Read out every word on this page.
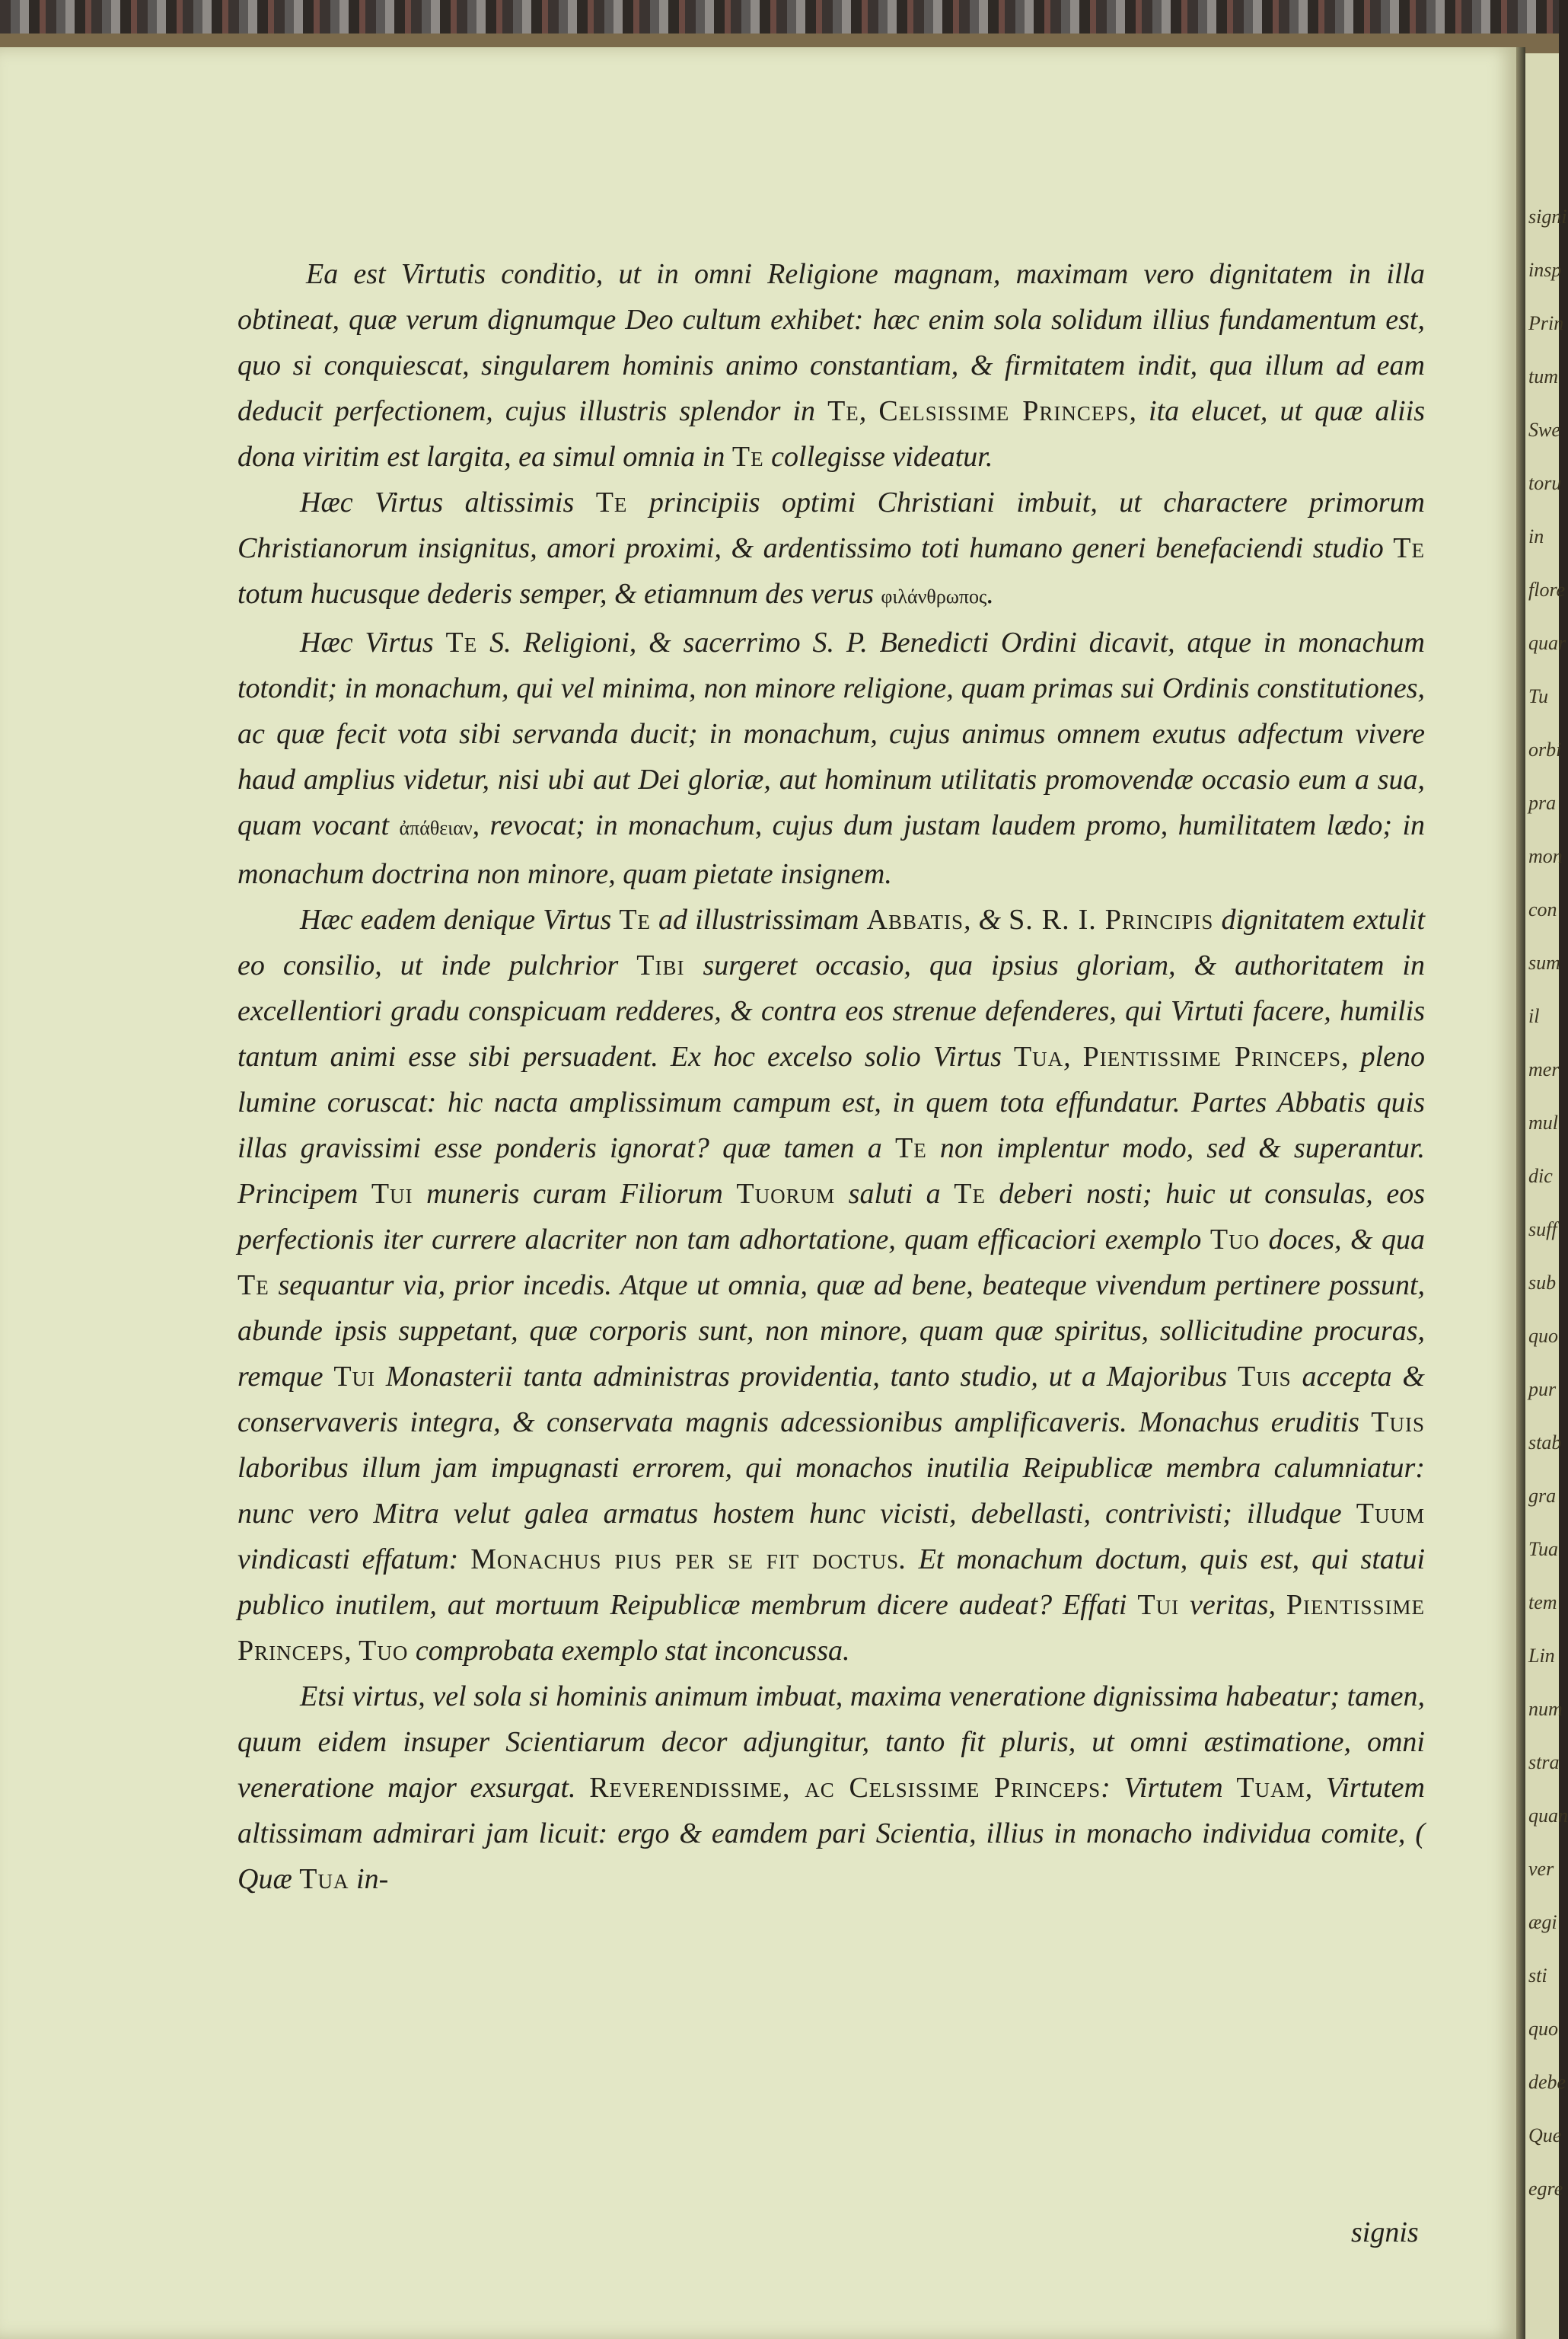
signi
insp
Prin
tum
Swe
toru
in
flore
quar
Tu
orbi
pra
mon
con
sum
il
mer
mul
dic
suff
sub
quo
pur
stab
gra
Tua
tem
Lin
num
stra
quan
ver
ægi
sti
quo
debe
Que
egre

Ea est Virtutis conditio, ut in omni Religione magnam, maximam vero dignitatem in illa obtineat, quæ verum dignumque Deo cultum exhibet: hæc enim sola solidum illius fundamentum est, quo si conquiescat, singularem hominis animo constantiam, & firmitatem indit, qua illum ad eam deducit perfectionem, cujus illustris splendor in Te, Celsissime Princeps, ita elucet, ut quæ aliis dona viritim est largita, ea simul omnia in Te collegisse videatur.

Hæc Virtus altissimis Te principiis optimi Christiani imbuit, ut charactere primorum Christianorum insignitus, amori proximi, & ardentissimo toti humano generi benefaciendi studio Te totum hucusque dederis semper, & etiamnum des verus φιλάνθρωπος.

Hæc Virtus Te S. Religioni, & sacerrimo S. P. Benedicti Ordini dicavit, atque in monachum totondit; in monachum, qui vel minima, non minore religione, quam primas sui Ordinis constitutiones, ac quæ fecit vota sibi servanda ducit; in monachum, cujus animus omnem exutus adfectum vivere haud amplius videtur, nisi ubi aut Dei gloriæ, aut hominum utilitatis promovendæ occasio eum a sua, quam vocant ἀπάθειαν, revocat; in monachum, cujus dum justam laudem promo, humilitatem lædo; in monachum doctrina non minore, quam pietate insignem.

Hæc eadem denique Virtus Te ad illustrissimam Abbatis, & S. R. I. Principis dignitatem extulit eo consilio, ut inde pulchrior Tibi surgeret occasio, qua ipsius gloriam, & authoritatem in excellentiori gradu conspicuam redderes, & contra eos strenue defenderes, qui Virtuti facere, humilis tantum animi esse sibi persuadent. Ex hoc excelso solio Virtus Tua, Pientissime Princeps, pleno lumine coruscat: hic nacta amplissimum campum est, in quem tota effundatur. Partes Abbatis quis illas gravissimi esse ponderis ignorat? quæ tamen a Te non implentur modo, sed & superantur. Principem Tui muneris curam Filiorum Tuorum saluti a Te deberi nosti; huic ut consulas, eos perfectionis iter currere alacriter non tam adhortatione, quam efficaciori exemplo Tuo doces, & qua Te sequantur via, prior incedis. Atque ut omnia, quæ ad bene, beateque vivendum pertinere possunt, abunde ipsis suppetant, quæ corporis sunt, non minore, quam quæ spiritus, sollicitudine procuras, remque Tui Monasterii tanta administras providentia, tanto studio, ut a Majoribus Tuis accepta & conservaveris integra, & conservata magnis adcessionibus amplificaveris. Monachus eruditis Tuis laboribus illum jam impugnasti errorem, qui monachos inutilia Reipublicæ membra calumniatur: nunc vero Mitra velut galea armatus hostem hunc vicisti, debellasti, contrivisti; illudque Tuum vindicasti effatum: Monachus pius per se fit doctus. Et monachum doctum, quis est, qui statui publico inutilem, aut mortuum Reipublicæ membrum dicere audeat? Effati Tui veritas, Pientissime Princeps, Tuo comprobata exemplo stat inconcussa.

Etsi virtus, vel sola si hominis animum imbuat, maxima veneratione dignissima habeatur; tamen, quum eidem insuper Scientiarum decor adjungitur, tanto fit pluris, ut omni æstimatione, omni veneratione major exsurgat. Reverendissime, ac Celsissime Princeps: Virtutem Tuam, Virtutem altissimam admirari jam licuit: ergo & eamdem pari Scientia, illius in monacho individua comite, ( Quæ Tua in-

signis
